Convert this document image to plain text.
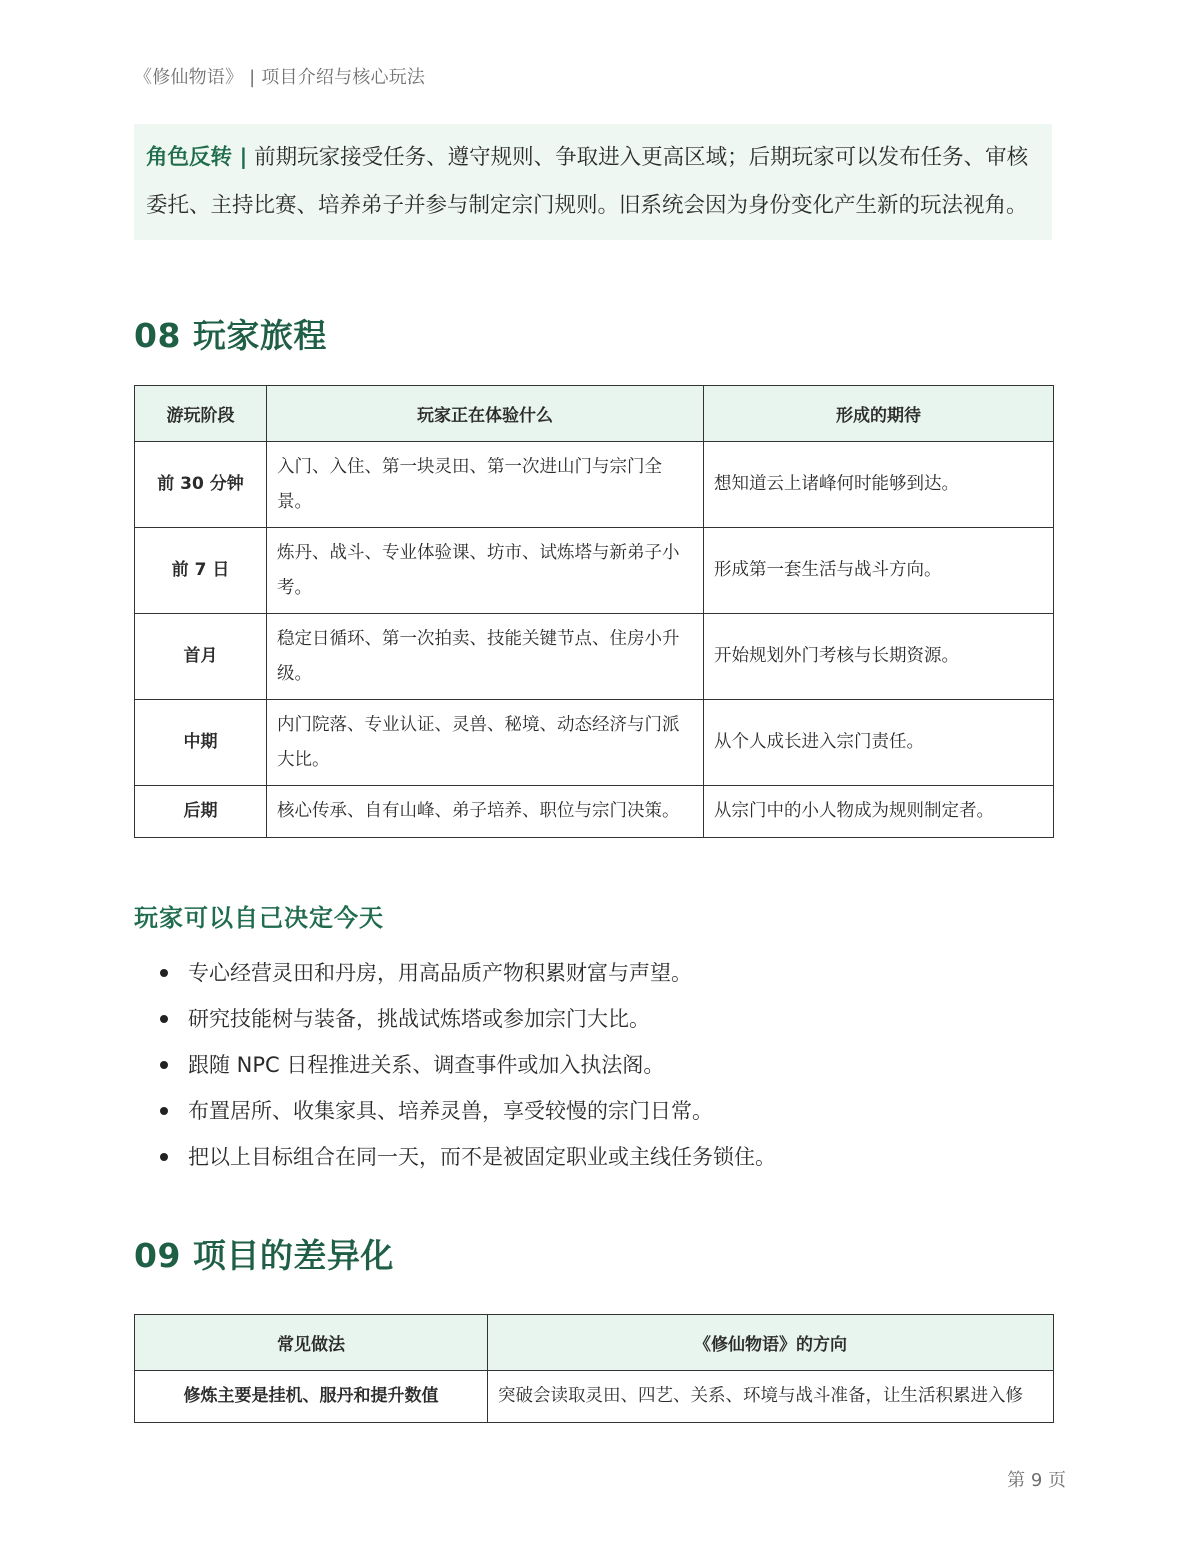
《修仙物语》 | 项目介绍与核心玩法
角色反转 | 前期玩家接受任务、遵守规则、争取进入更高区域；后期玩家可以发布任务、审核委托、主持比赛、培养弟子并参与制定宗门规则。旧系统会因为身份变化产生新的玩法视角。
08 玩家旅程
游玩阶段	玩家正在体验什么	形成的期待
前 30 分钟	入门、入住、第一块灵田、第一次进山门与宗门全景。	想知道云上诸峰何时能够到达。
前 7 日	炼丹、战斗、专业体验课、坊市、试炼塔与新弟子小考。	形成第一套生活与战斗方向。
首月	稳定日循环、第一次拍卖、技能关键节点、住房小升级。	开始规划外门考核与长期资源。
中期	内门院落、专业认证、灵兽、秘境、动态经济与门派大比。	从个人成长进入宗门责任。
后期	核心传承、自有山峰、弟子培养、职位与宗门决策。	从宗门中的小人物成为规则制定者。
玩家可以自己决定今天
专心经营灵田和丹房，用高品质产物积累财富与声望。
研究技能树与装备，挑战试炼塔或参加宗门大比。
跟随 NPC 日程推进关系、调查事件或加入执法阁。
布置居所、收集家具、培养灵兽，享受较慢的宗门日常。
把以上目标组合在同一天，而不是被固定职业或主线任务锁住。
09 项目的差异化
常见做法	《修仙物语》的方向
修炼主要是挂机、服丹和提升数值	突破会读取灵田、四艺、关系、环境与战斗准备，让生活积累进入修
第 9 页
